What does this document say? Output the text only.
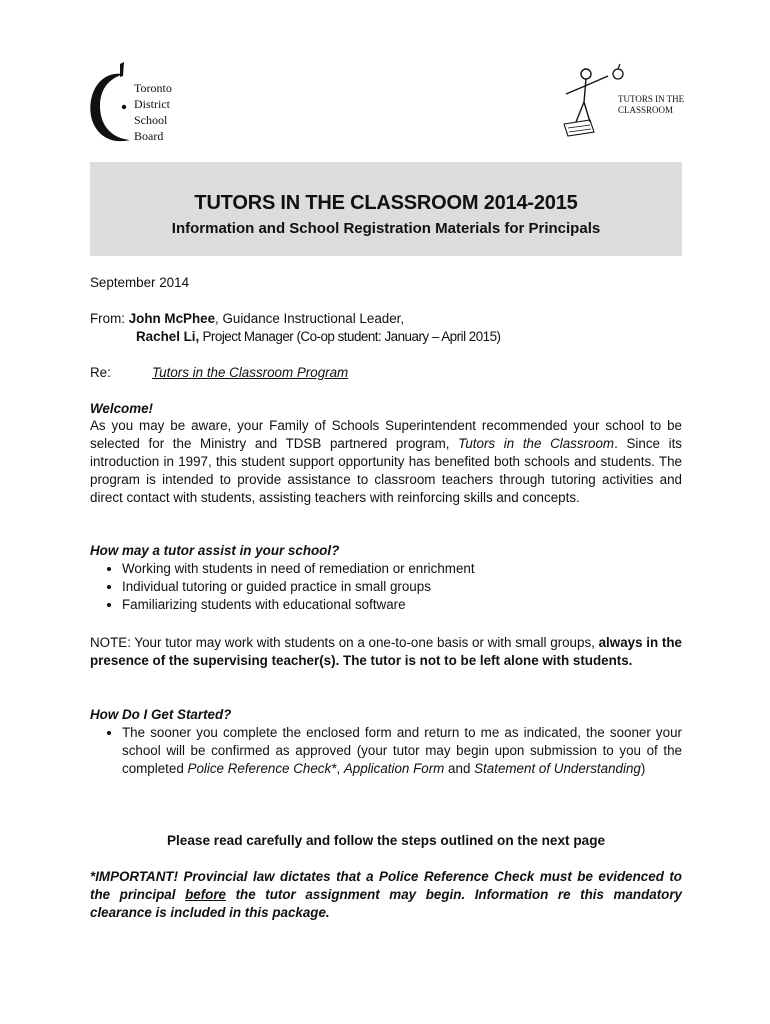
Toronto
District
School
Board
TUTORS IN THE
CLASSROOM
TUTORS IN THE CLASSROOM 2014-2015
Information and School Registration Materials for Principals
September 2014
From: John McPhee, Guidance Instructional Leader,
Rachel Li, Project Manager (Co-op student: January – April 2015)
Re:	Tutors in the Classroom Program
Welcome!
As you may be aware, your Family of Schools Superintendent recommended your school to be selected for the Ministry and TDSB partnered program, Tutors in the Classroom. Since its introduction in 1997, this student support opportunity has benefited both schools and students. The program is intended to provide assistance to classroom teachers through tutoring activities and direct contact with students, assisting teachers with reinforcing skills and concepts.
How may a tutor assist in your school?
• Working with students in need of remediation or enrichment
• Individual tutoring or guided practice in small groups
• Familiarizing students with educational software
NOTE: Your tutor may work with students on a one-to-one basis or with small groups, always in the presence of the supervising teacher(s). The tutor is not to be left alone with students.
How Do I Get Started?
• The sooner you complete the enclosed form and return to me as indicated, the sooner your school will be confirmed as approved (your tutor may begin upon submission to you of the completed Police Reference Check*, Application Form and Statement of Understanding)
Please read carefully and follow the steps outlined on the next page
*IMPORTANT! Provincial law dictates that a Police Reference Check must be evidenced to the principal before the tutor assignment may begin. Information re this mandatory clearance is included in this package.
